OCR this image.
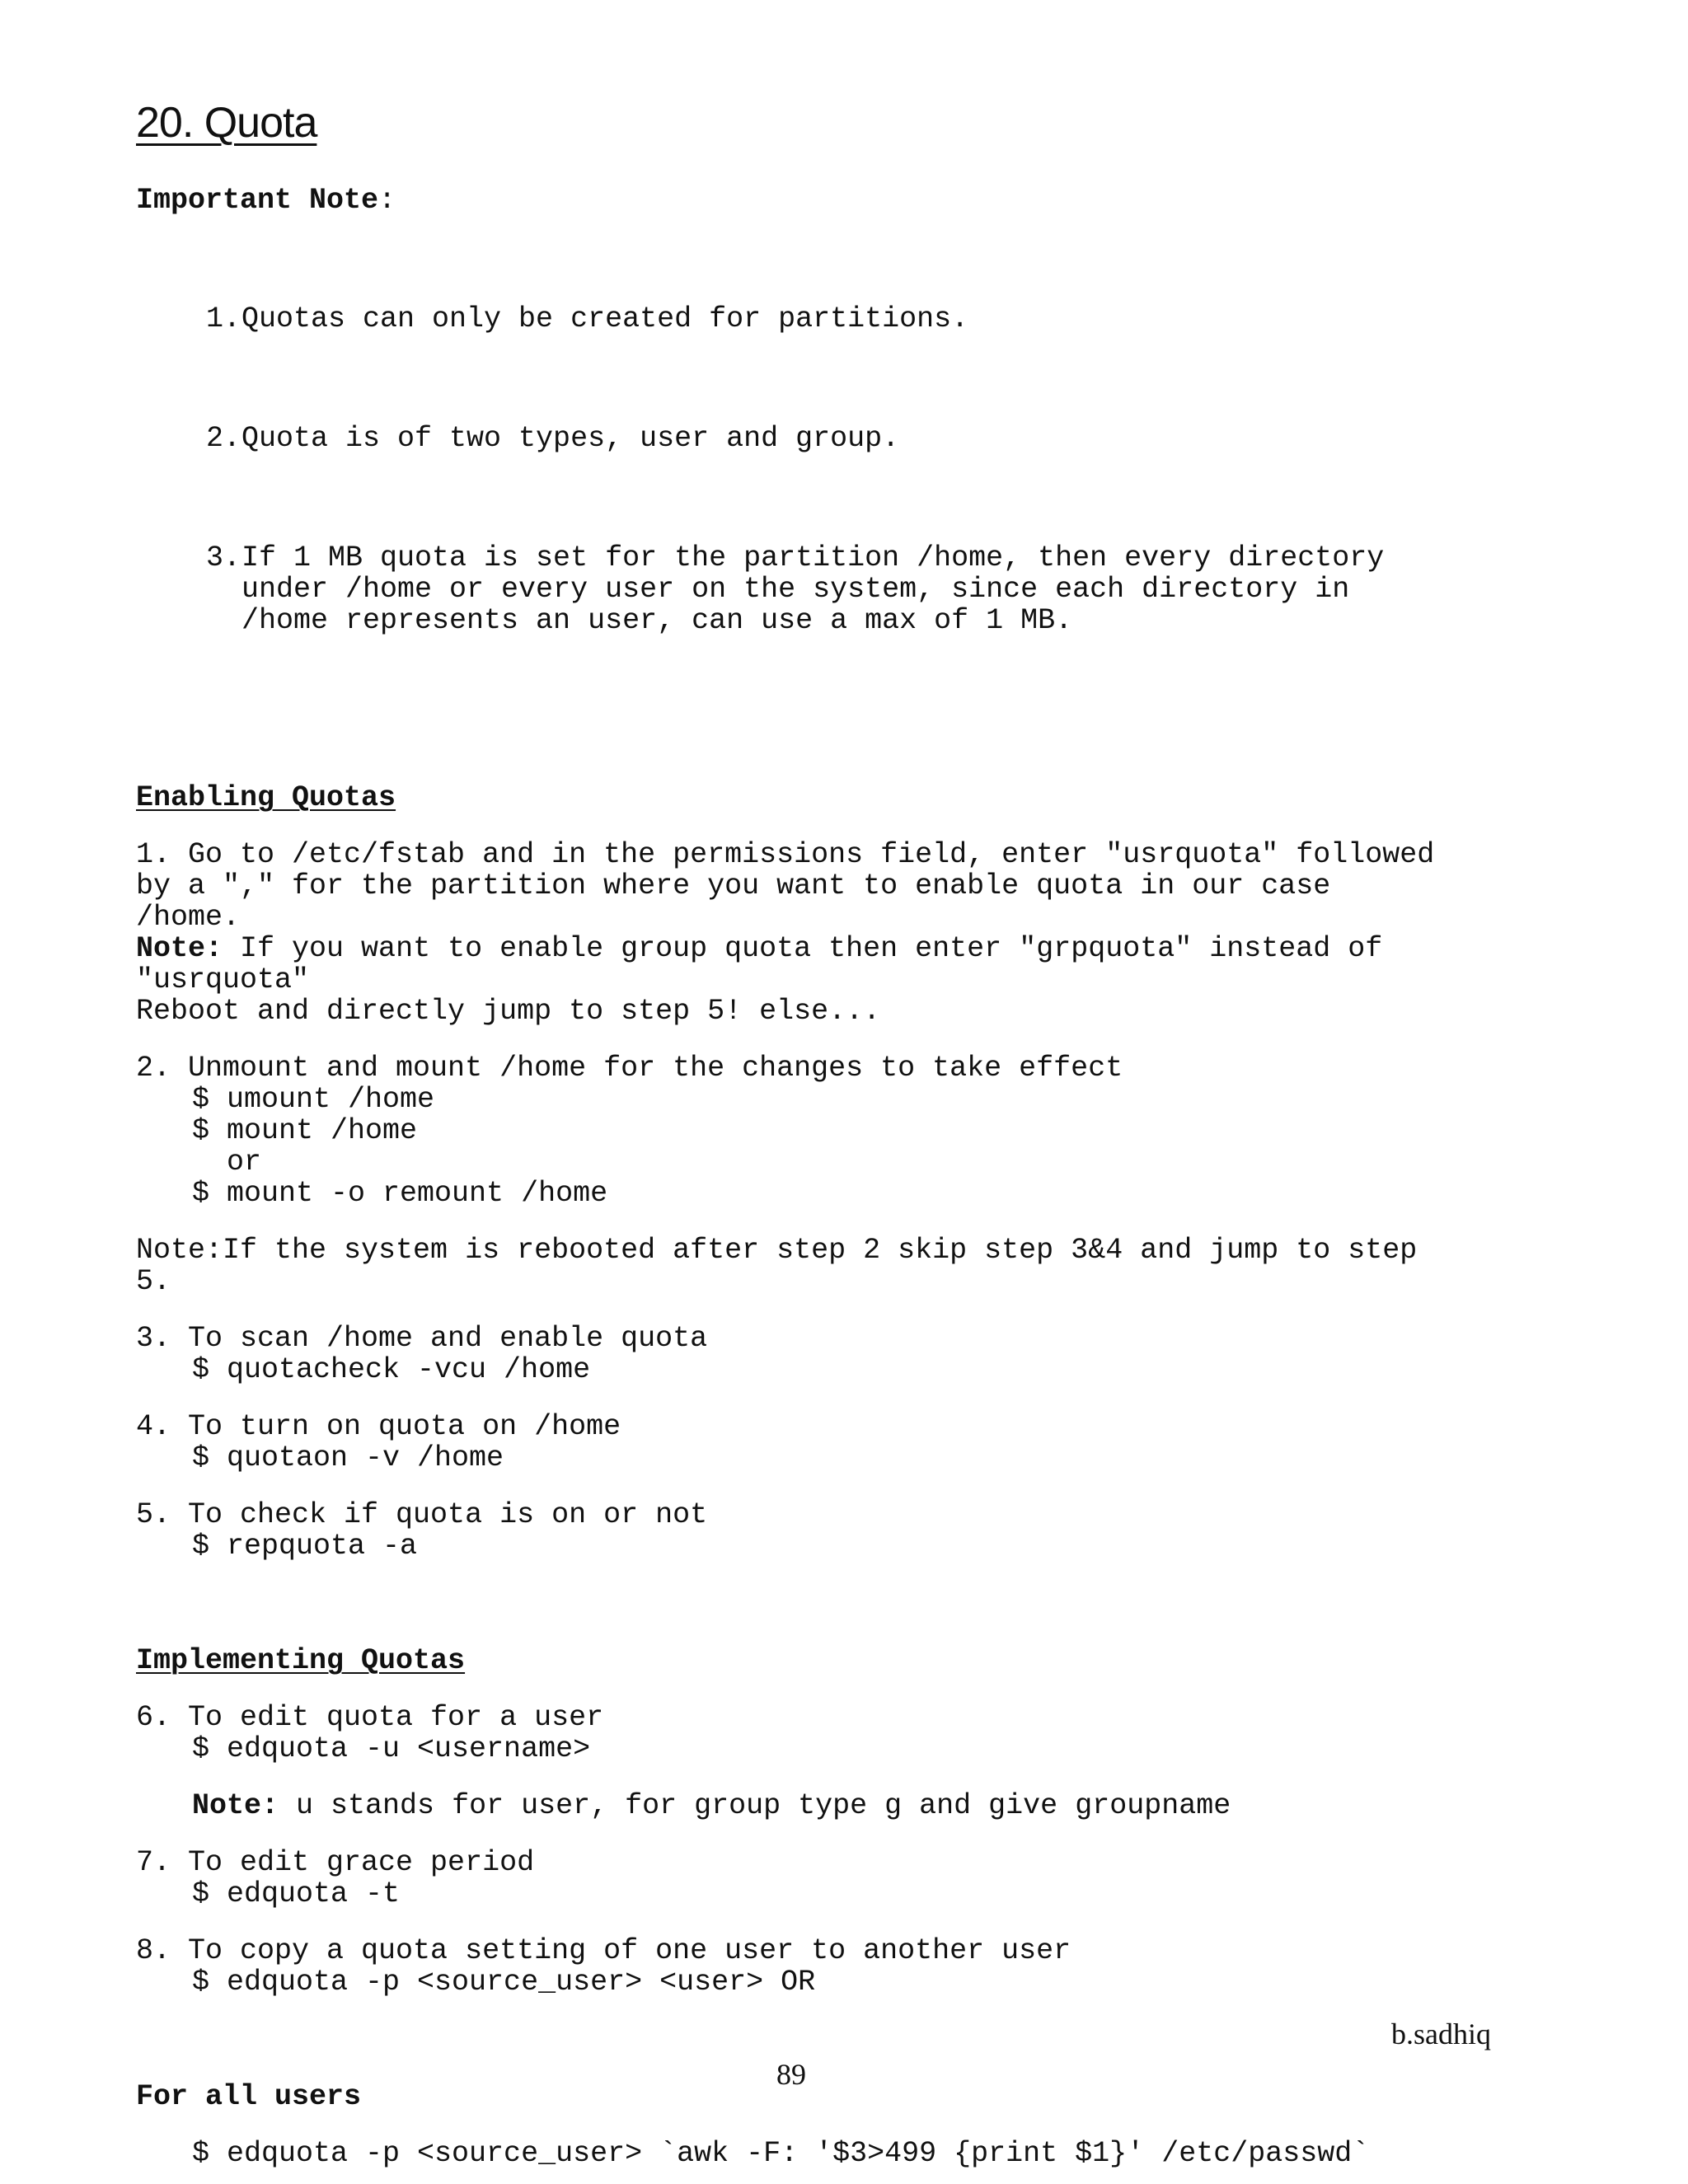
20. Quota
Important Note:

1. Quotas can only be created for partitions.

2. Quota is of two types, user and group.

3. If 1 MB quota is set for the partition /home, then every directory
under /home or every user on the system, since each directory in
/home represents an user, can use a max of 1 MB.

Enabling Quotas
1. Go to /etc/fstab and in the permissions field, enter "usrquota" followed
by a "," for the partition where you want to enable quota in our case
/home.
Note: If you want to enable group quota then enter "grpquota" instead of
"usrquota"
Reboot and directly jump to step 5! else...
2. Unmount and mount /home for the changes to take effect
$ umount /home
$ mount /home
or
$ mount -o remount /home
Note:If the system is rebooted after step 2 skip step 3&4 and jump to step
5.
3. To scan /home and enable quota
$ quotacheck -vcu /home
4. To turn on quota on /home
$ quotaon -v /home
5. To check if quota is on or not
$ repquota -a
Implementing Quotas
6. To edit quota for a user
$ edquota -u <username>
Note: u stands for user, for group type g and give groupname
7. To edit grace period
$ edquota -t
8. To copy a quota setting of one user to another user
$ edquota -p <source_user> <user> OR
For all users
$ edquota -p <source_user> `awk -F: '$3>499 {print $1}' /etc/passwd`
b.sadhiq
89
